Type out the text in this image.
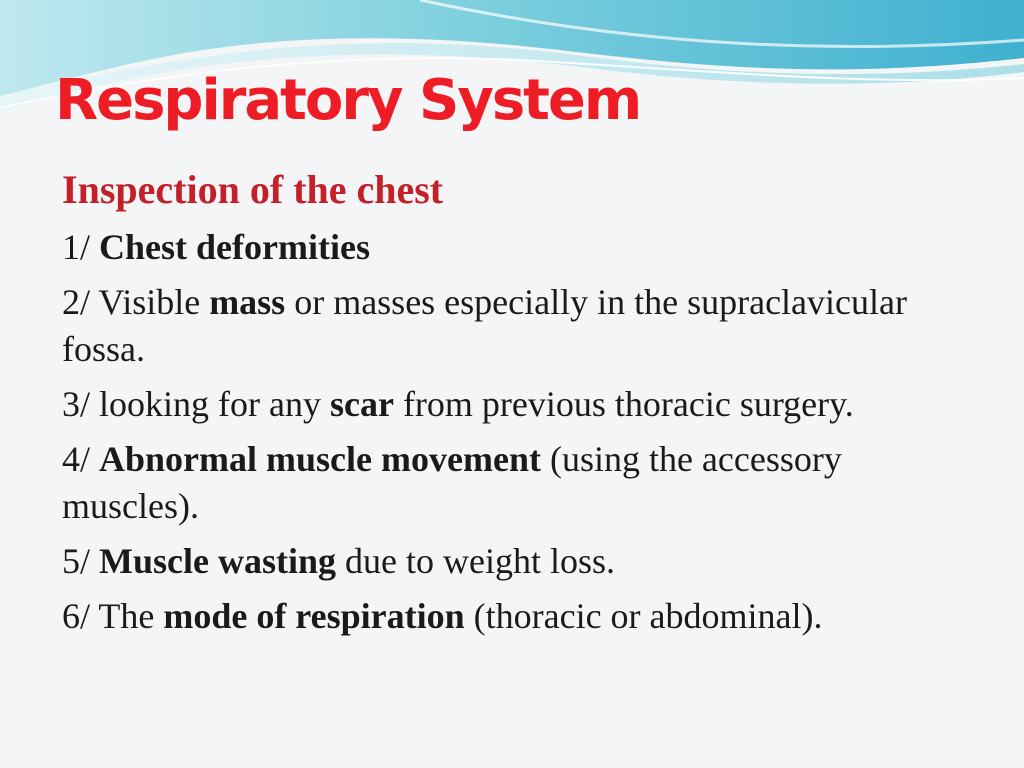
Respiratory System
Inspection of the chest
1/ Chest deformities
2/ Visible mass or masses especially in the supraclavicular fossa.
3/ looking for any scar from previous thoracic surgery.
4/ Abnormal muscle movement (using the accessory muscles).
5/ Muscle wasting due to weight loss.
6/ The mode of respiration (thoracic or abdominal).
